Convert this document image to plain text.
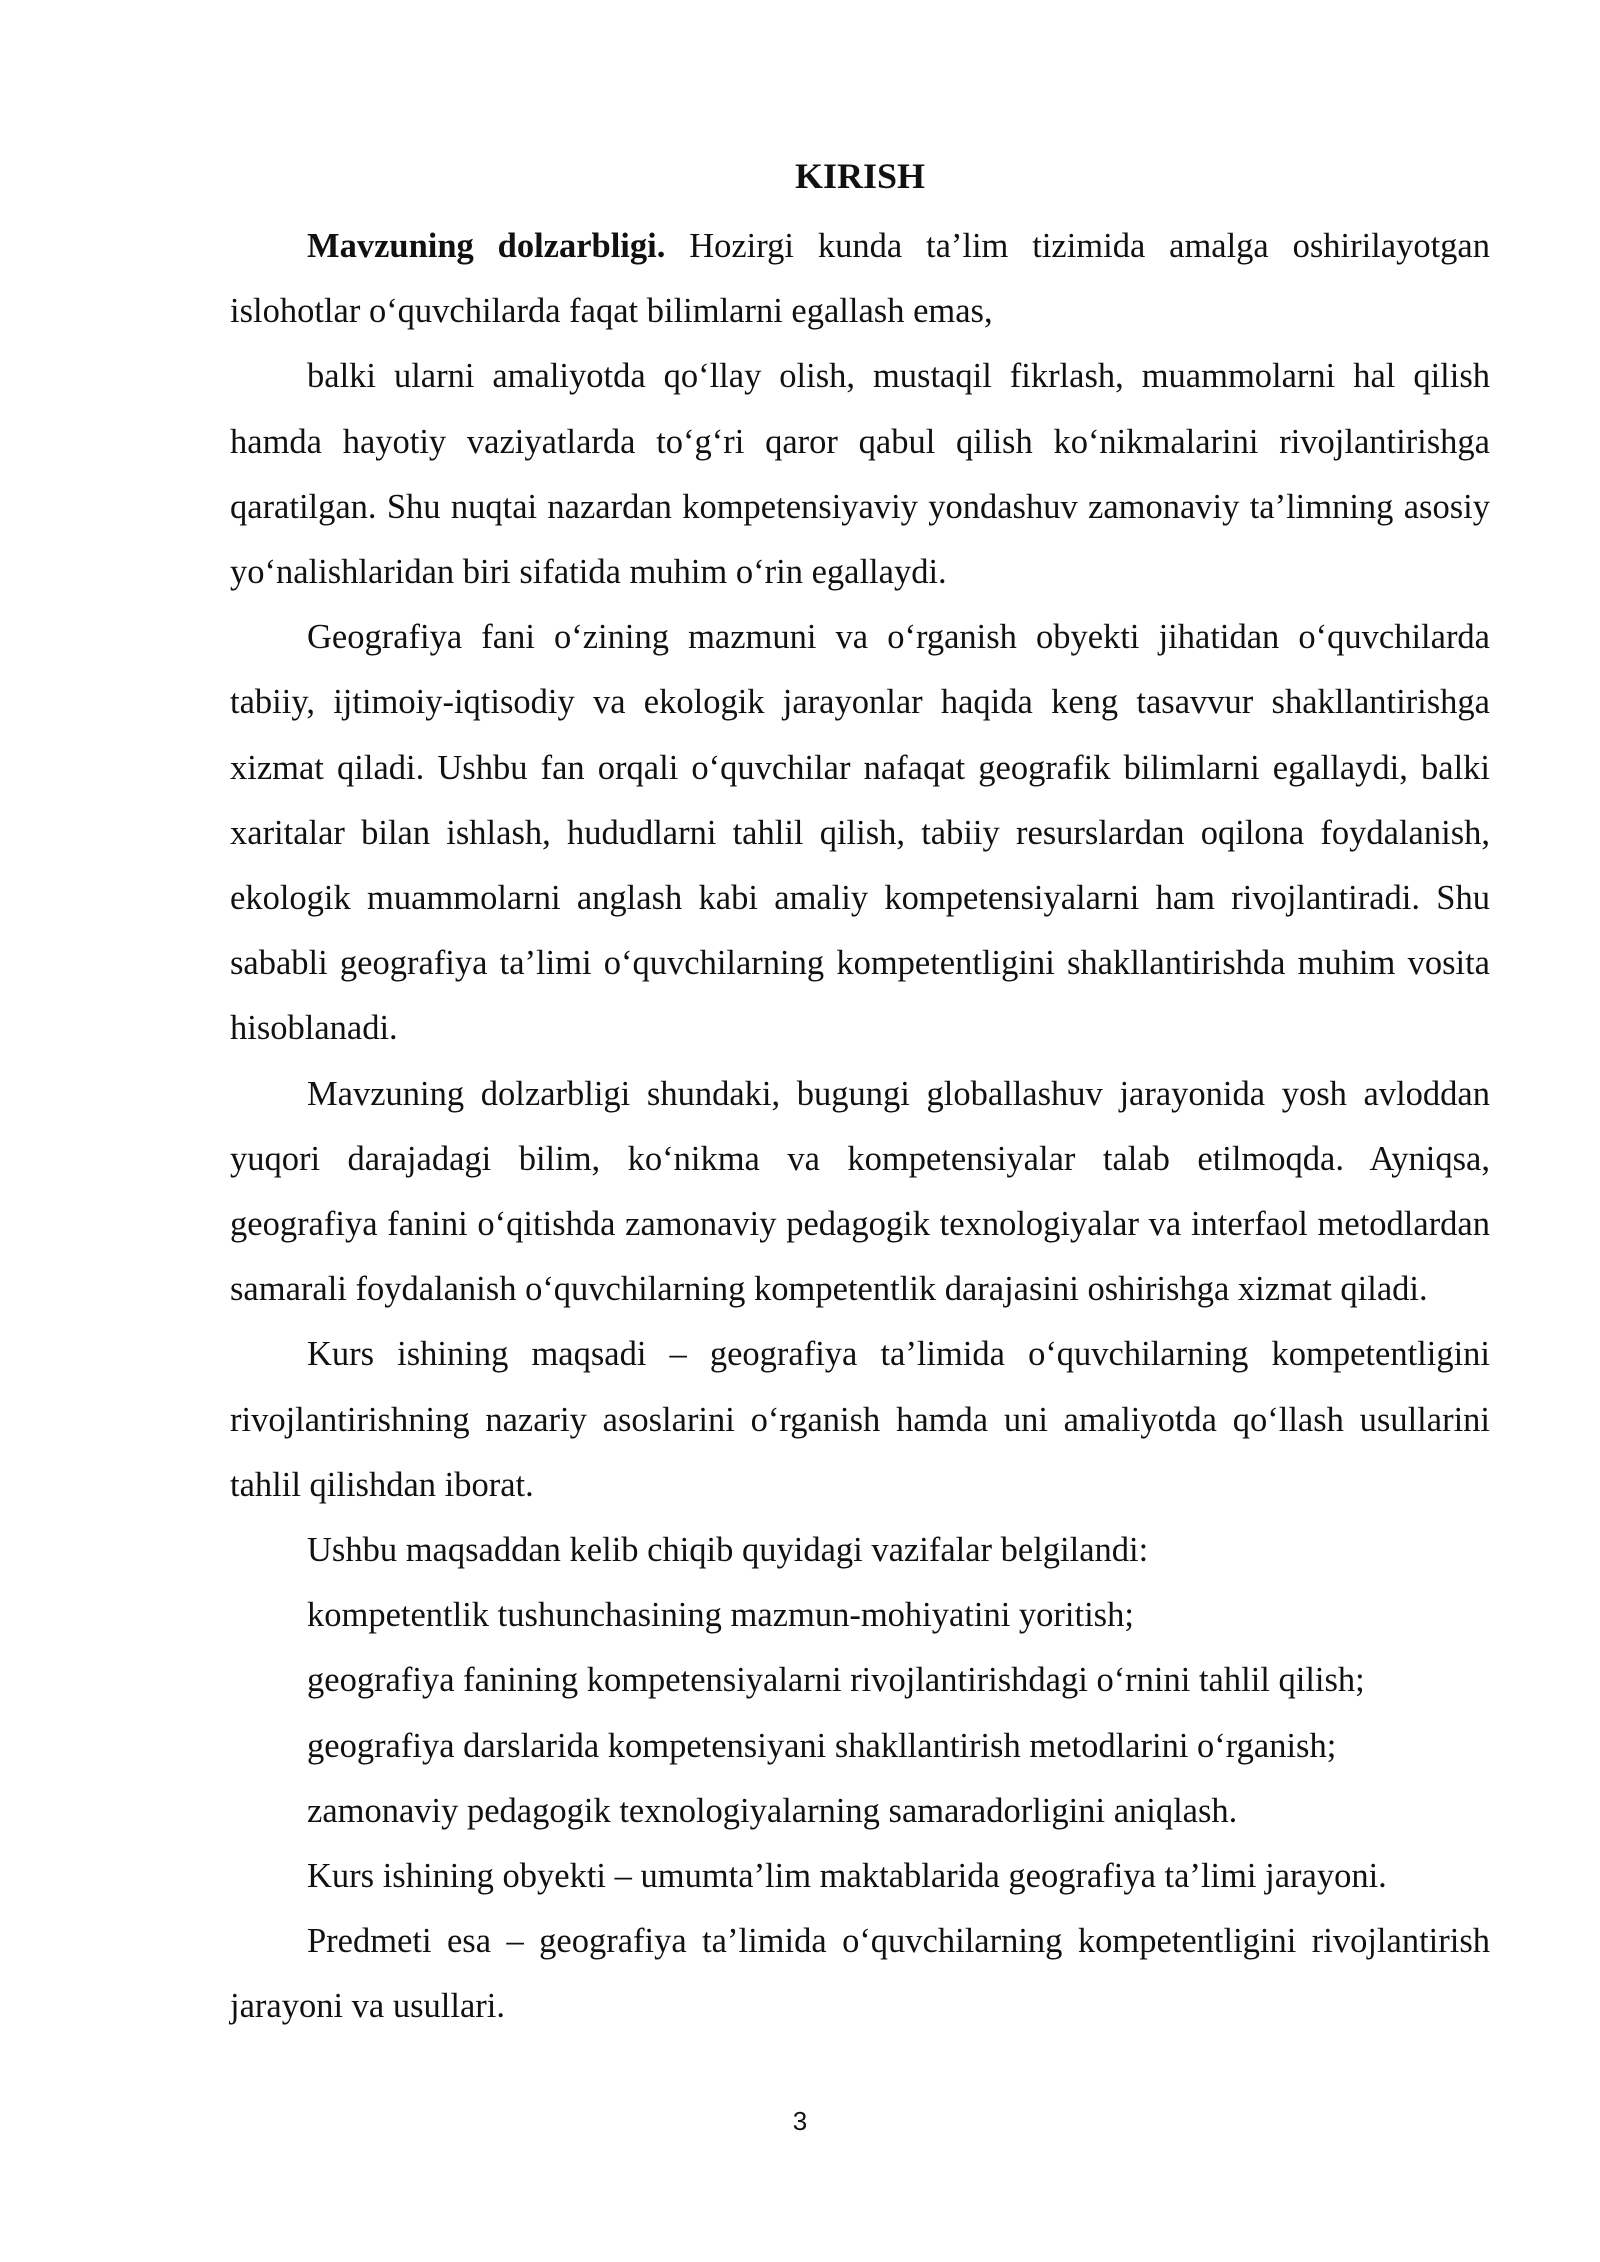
KIRISH

Mavzuning dolzarbligi. Hozirgi kunda ta’lim tizimida amalga oshirilayotgan islohotlar o‘quvchilarda faqat bilimlarni egallash emas,

balki ularni amaliyotda qo‘llay olish, mustaqil fikrlash, muammolarni hal qilish hamda hayotiy vaziyatlarda to‘g‘ri qaror qabul qilish ko‘nikmalarini rivojlantirishga qaratilgan. Shu nuqtai nazardan kompetensiyaviy yondashuv zamonaviy ta’limning asosiy yo‘nalishlaridan biri sifatida muhim o‘rin egallaydi.

Geografiya fani o‘zining mazmuni va o‘rganish obyekti jihatidan o‘quvchilarda tabiiy, ijtimoiy-iqtisodiy va ekologik jarayonlar haqida keng tasavvur shakllantirishga xizmat qiladi. Ushbu fan orqali o‘quvchilar nafaqat geografik bilimlarni egallaydi, balki xaritalar bilan ishlash, hududlarni tahlil qilish, tabiiy resurslardan oqilona foydalanish, ekologik muammolarni anglash kabi amaliy kompetensiyalarni ham rivojlantiradi. Shu sababli geografiya ta’limi o‘quvchilarning kompetentligini shakllantirishda muhim vosita hisoblanadi.

Mavzuning dolzarbligi shundaki, bugungi globallashuv jarayonida yosh avloddan yuqori darajadagi bilim, ko‘nikma va kompetensiyalar talab etilmoqda. Ayniqsa, geografiya fanini o‘qitishda zamonaviy pedagogik texnologiyalar va interfaol metodlardan samarali foydalanish o‘quvchilarning kompetentlik darajasini oshirishga xizmat qiladi.

Kurs ishining maqsadi – geografiya ta’limida o‘quvchilarning kompetentligini rivojlantirishning nazariy asoslarini o‘rganish hamda uni amaliyotda qo‘llash usullarini tahlil qilishdan iborat.

Ushbu maqsaddan kelib chiqib quyidagi vazifalar belgilandi:

kompetentlik tushunchasining mazmun-mohiyatini yoritish;

geografiya fanining kompetensiyalarni rivojlantirishdagi o‘rnini tahlil qilish;

geografiya darslarida kompetensiyani shakllantirish metodlarini o‘rganish;

zamonaviy pedagogik texnologiyalarning samaradorligini aniqlash.

Kurs ishining obyekti – umumta’lim maktablarida geografiya ta’limi jarayoni.

Predmeti esa – geografiya ta’limida o‘quvchilarning kompetentligini rivojlantirish jarayoni va usullari.

3
